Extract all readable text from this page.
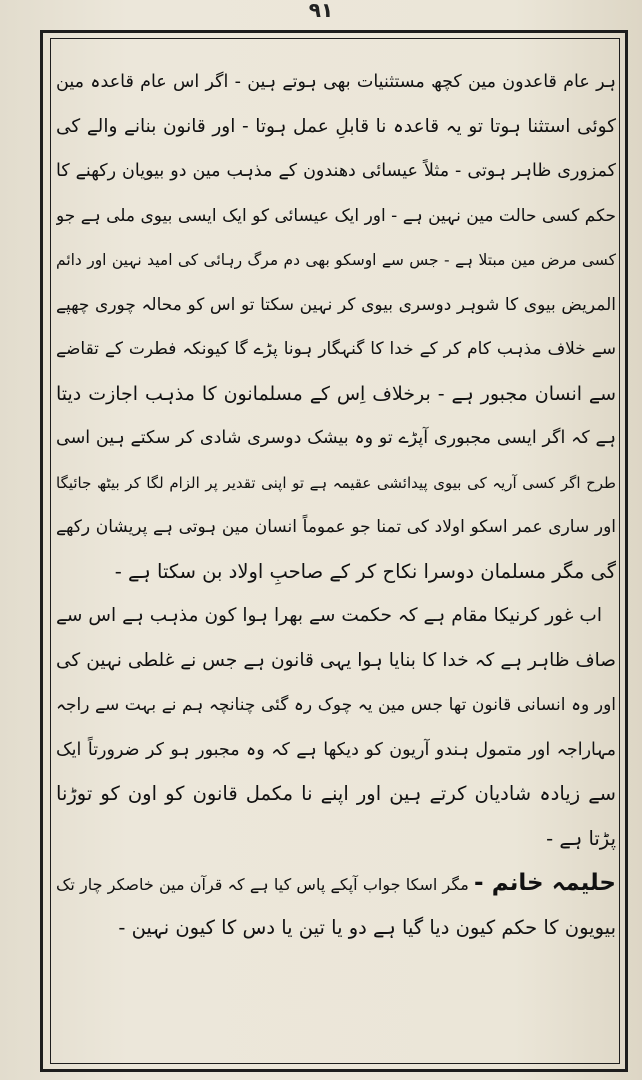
۹۱
ہر عام قاعدون مین کچھ مستثنیات بھی ہوتے ہین - اگر اس عام قاعدہ مین
کوئی استثنا ہوتا تو یہ قاعدہ نا قابلِ عمل ہوتا - اور قانون بنانے والے کی
کمزوری ظاہر ہوتی - مثلاً عیسائی دھندون کے مذہب مین دو بیویان رکھنے کا
حکم کسی حالت مین نہین ہے - اور ایک عیسائی کو ایک ایسی بیوی ملی ہے جو
کسی مرض مین مبتلا ہے - جس سے اوسکو بھی دم مرگ رہائی کی امید نہین اور دائم
المریض بیوی کا شوہر دوسری بیوی کر نہین سکتا تو اس کو محالہ چوری چھپے
سے خلاف مذہب کام کر کے خدا کا گنہگار ہونا پڑے گا کیونکہ فطرت کے تقاضے
سے انسان مجبور ہے - برخلاف اِس کے مسلمانون کا مذہب اجازت دیتا
ہے کہ اگر ایسی مجبوری آپڑے تو وہ بیشک دوسری شادی کر سکتے ہین اسی
طرح اگر کسی آریہ کی بیوی پیدائشی عقیمہ ہے تو اپنی تقدیر پر الزام لگا کر بیٹھ جائیگا
اور ساری عمر اسکو اولاد کی تمنا جو عموماً انسان مین ہوتی ہے پریشان رکھے
گی مگر مسلمان دوسرا نکاح کر کے صاحبِ اولاد بن سکتا ہے -
اب غور کرنیکا مقام ہے کہ حکمت سے بھرا ہوا کون مذہب ہے اس سے
صاف ظاہر ہے کہ خدا کا بنایا ہوا یہی قانون ہے جس نے غلطی نہین کی
اور وہ انسانی قانون تھا جس مین یہ چوک رہ گئی چنانچہ ہم نے بہت سے راجہ
مہاراجہ اور متمول ہندو آریون کو دیکھا ہے کہ وہ مجبور ہو کر ضرورتاً ایک
سے زیادہ شادیان کرتے ہین اور اپنے نا مکمل قانون کو اون کو توڑنا
پڑتا ہے -
حلیمہ خانم - مگر اسکا جواب آپکے پاس کیا ہے کہ قرآن مین خاصکر چار تک
بیویون کا حکم کیون دیا گیا ہے دو یا تین یا دس کا کیون نہین -
